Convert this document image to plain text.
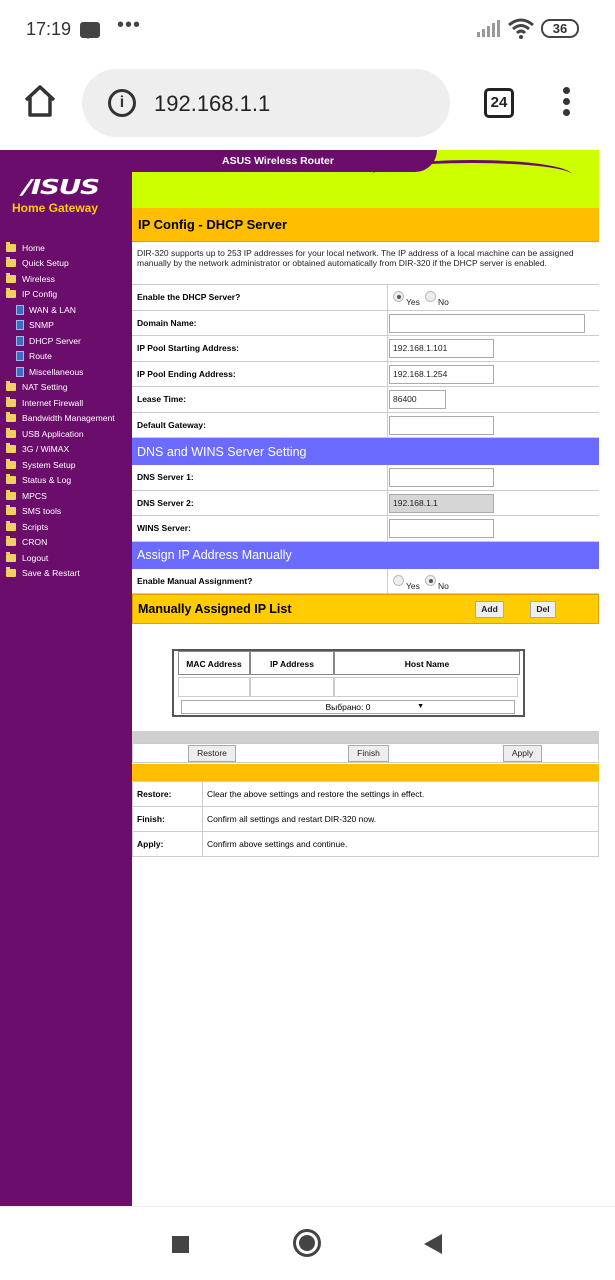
17:19 •••	36
i	192.168.1.1	24
/ISUS
Home Gateway
Home
Quick Setup
Wireless
IP Config
WAN & LAN
SNMP
DHCP Server
Route
Miscellaneous
NAT Setting
Internet Firewall
Bandwidth Management
USB Application
3G / WiMAX
System Setup
Status & Log
MPCS
SMS tools
Scripts
CRON
Logout
Save & Restart
ASUS Wireless Router
IP Config - DHCP Server
DIR-320 supports up to 253 IP addresses for your local network. The IP address of a local machine can be assigned manually by the network administrator or obtained automatically from DIR-320 if the DHCP server is enabled.
Enable the DHCP Server?	Yes No
Domain Name:
IP Pool Starting Address:	192.168.1.101
IP Pool Ending Address:	192.168.1.254
Lease Time:	86400
Default Gateway:
DNS and WINS Server Setting
DNS Server 1:
DNS Server 2:	192.168.1.1
WINS Server:
Assign IP Address Manually
Enable Manual Assignment?	Yes No
Manually Assigned IP List	Add	Del
MAC Address	IP Address	Host Name
Выбрано: 0	▼
Restore	Finish	Apply
Restore:	Clear the above settings and restore the settings in effect.
Finish:	Confirm all settings and restart DIR-320 now.
Apply:	Confirm above settings and continue.
